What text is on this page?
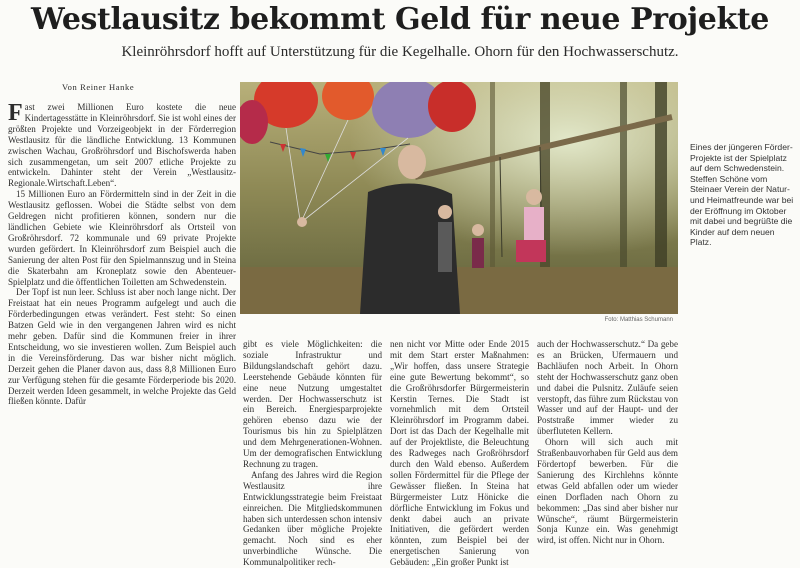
Westlausitz bekommt Geld für neue Projekte
Kleinröhrsdorf hofft auf Unterstützung für die Kegelhalle. Ohorn für den Hochwasserschutz.
Von Reiner Hanke

Fast zwei Millionen Euro kostete die neue Kindertagesstätte in Kleinröhrsdorf. Sie ist wohl eines der größten Projekte und Vorzeigeobjekt in der Förderregion Westlausitz für die ländliche Entwicklung. 13 Kommunen zwischen Wachau, Großröhrsdorf und Bischofswerda haben sich zusammengetan, um seit 2007 etliche Projekte zu entwickeln. Dahinter steht der Verein „Westlausitz-Regionale.Wirtschaft.Leben“.

15 Millionen Euro an Fördermitteln sind in der Zeit in die Westlausitz geflossen. Wobei die Städte selbst von dem Geldregen nicht profitieren können, sondern nur die ländlichen Gebiete wie Kleinröhrsdorf als Ortsteil von Großröhrsdorf. 72 kommunale und 69 private Projekte wurden gefördert. In Kleinröhrsdorf zum Beispiel auch die Sanierung der alten Post für den Spielmannszug und in Steina die Skaterbahn am Kroneplatz sowie den Abenteuer-Spielplatz und die öffentlichen Toiletten am Schwedenstein.

Der Topf ist nun leer. Schluss ist aber noch lange nicht. Der Freistaat hat ein neues Programm aufgelegt und auch die Förderbedingungen etwas verändert. Fest steht: So einen Batzen Geld wie in den vergangenen Jahren wird es nicht mehr geben. Dafür sind die Kommunen freier in ihrer Entscheidung, wo sie investieren wollen. Zum Beispiel auch in die Vereinsförderung. Das war bisher nicht möglich. Derzeit gehen die Planer davon aus, dass 8,8 Millionen Euro zur Verfügung stehen für die gesamte Förderperiode bis 2020. Derzeit werden Ideen gesammelt, in welche Projekte das Geld fließen könnte. Dafür

Eines der jüngeren Förder-Projekte ist der Spielplatz auf dem Schwedenstein. Steffen Schöne vom Steinaer Verein der Natur- und Heimatfreunde war bei der Eröffnung im Oktober mit dabei und begrüßte die Kinder auf dem neuen Platz.
Foto: Matthias Schumann

gibt es viele Möglichkeiten: die soziale Infrastruktur und Bildungslandschaft gehört dazu. Leerstehende Gebäude könnten für eine neue Nutzung umgestaltet werden. Der Hochwasserschutz ist ein Bereich. Energiesparprojekte gehören ebenso dazu wie der Tourismus bis hin zu Spielplätzen und dem Mehrgenerationen-Wohnen. Um der demografischen Entwicklung Rechnung zu tragen.

Anfang des Jahres wird die Region Westlausitz ihre Entwicklungsstrategie beim Freistaat einreichen. Die Mitgliedskommunen haben sich unterdessen schon intensiv Gedanken über mögliche Projekte gemacht. Noch sind es eher unverbindliche Wünsche. Die Kommunalpolitiker rech-

nen nicht vor Mitte oder Ende 2015 mit dem Start erster Maßnahmen: „Wir hoffen, dass unsere Strategie eine gute Bewertung bekommt“, so die Großröhrsdorfer Bürgermeisterin Kerstin Ternes. Die Stadt ist vornehmlich mit dem Ortsteil Kleinröhrsdorf im Programm dabei. Dort ist das Dach der Kegelhalle mit auf der Projektliste, die Beleuchtung des Radweges nach Großröhrsdorf durch den Wald ebenso. Außerdem sollen Fördermittel für die Pflege der Gewässer fließen. In Steina hat Bürgermeister Lutz Hönicke die dörfliche Entwicklung im Fokus und denkt dabei auch an private Initiativen, die gefördert werden könnten, zum Beispiel bei der energetischen Sanierung von Gebäuden: „Ein großer Punkt ist

auch der Hochwasserschutz.“ Da gebe es an Brücken, Ufermauern und Bachläufen noch Arbeit. In Ohorn steht der Hochwasserschutz ganz oben und dabei die Pulsnitz. Zuläufe seien verstopft, das führe zum Rückstau von Wasser und auf der Haupt- und der Poststraße immer wieder zu überfluteten Kellern.

Ohorn will sich auch mit Straßenbauvorhaben für Geld aus dem Fördertopf bewerben. Für die Sanierung des Kirchlehns könnte etwas Geld abfallen oder um wieder einen Dorfladen nach Ohorn zu bekommen: „Das sind aber bisher nur Wünsche“, räumt Bürgermeisterin Sonja Kunze ein. Was genehmigt wird, ist offen. Nicht nur in Ohorn.
